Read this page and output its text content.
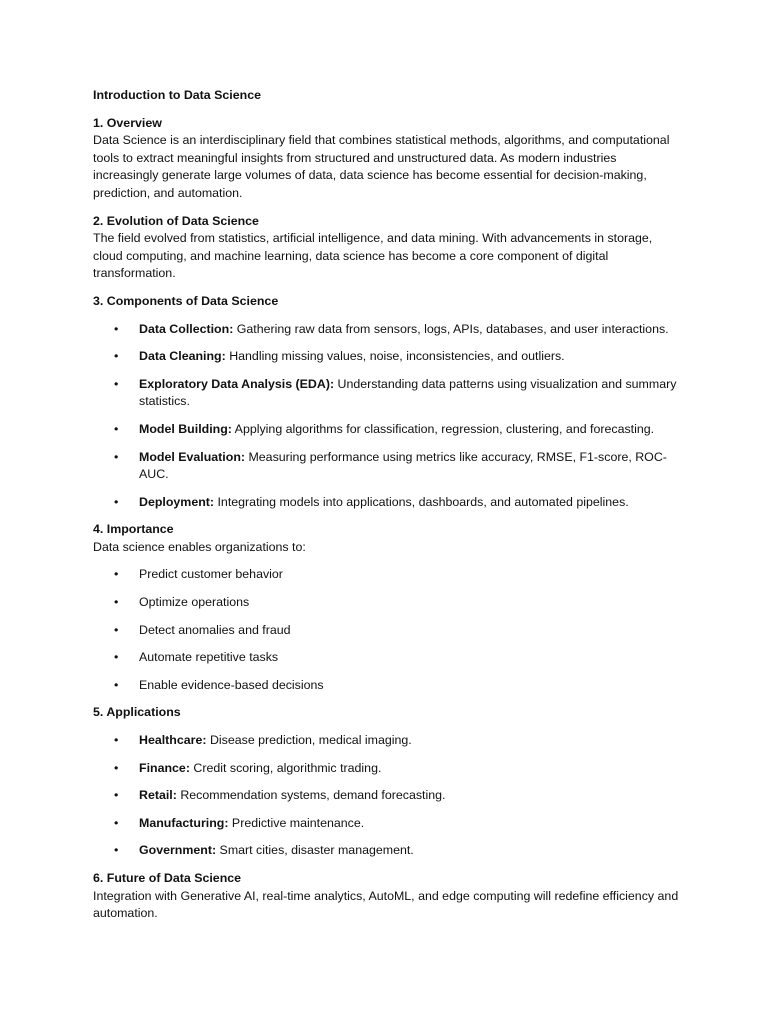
Introduction to Data Science

1. Overview

Data Science is an interdisciplinary field that combines statistical methods, algorithms, and computational tools to extract meaningful insights from structured and unstructured data. As modern industries increasingly generate large volumes of data, data science has become essential for decision-making, prediction, and automation.

2. Evolution of Data Science

The field evolved from statistics, artificial intelligence, and data mining. With advancements in storage, cloud computing, and machine learning, data science has become a core component of digital transformation.

3. Components of Data Science

• Data Collection: Gathering raw data from sensors, logs, APIs, databases, and user interactions.
• Data Cleaning: Handling missing values, noise, inconsistencies, and outliers.
• Exploratory Data Analysis (EDA): Understanding data patterns using visualization and summary statistics.
• Model Building: Applying algorithms for classification, regression, clustering, and forecasting.
• Model Evaluation: Measuring performance using metrics like accuracy, RMSE, F1-score, ROC-AUC.
• Deployment: Integrating models into applications, dashboards, and automated pipelines.

4. Importance

Data science enables organizations to:

• Predict customer behavior
• Optimize operations
• Detect anomalies and fraud
• Automate repetitive tasks
• Enable evidence-based decisions

5. Applications

• Healthcare: Disease prediction, medical imaging.
• Finance: Credit scoring, algorithmic trading.
• Retail: Recommendation systems, demand forecasting.
• Manufacturing: Predictive maintenance.
• Government: Smart cities, disaster management.

6. Future of Data Science

Integration with Generative AI, real-time analytics, AutoML, and edge computing will redefine efficiency and automation.
